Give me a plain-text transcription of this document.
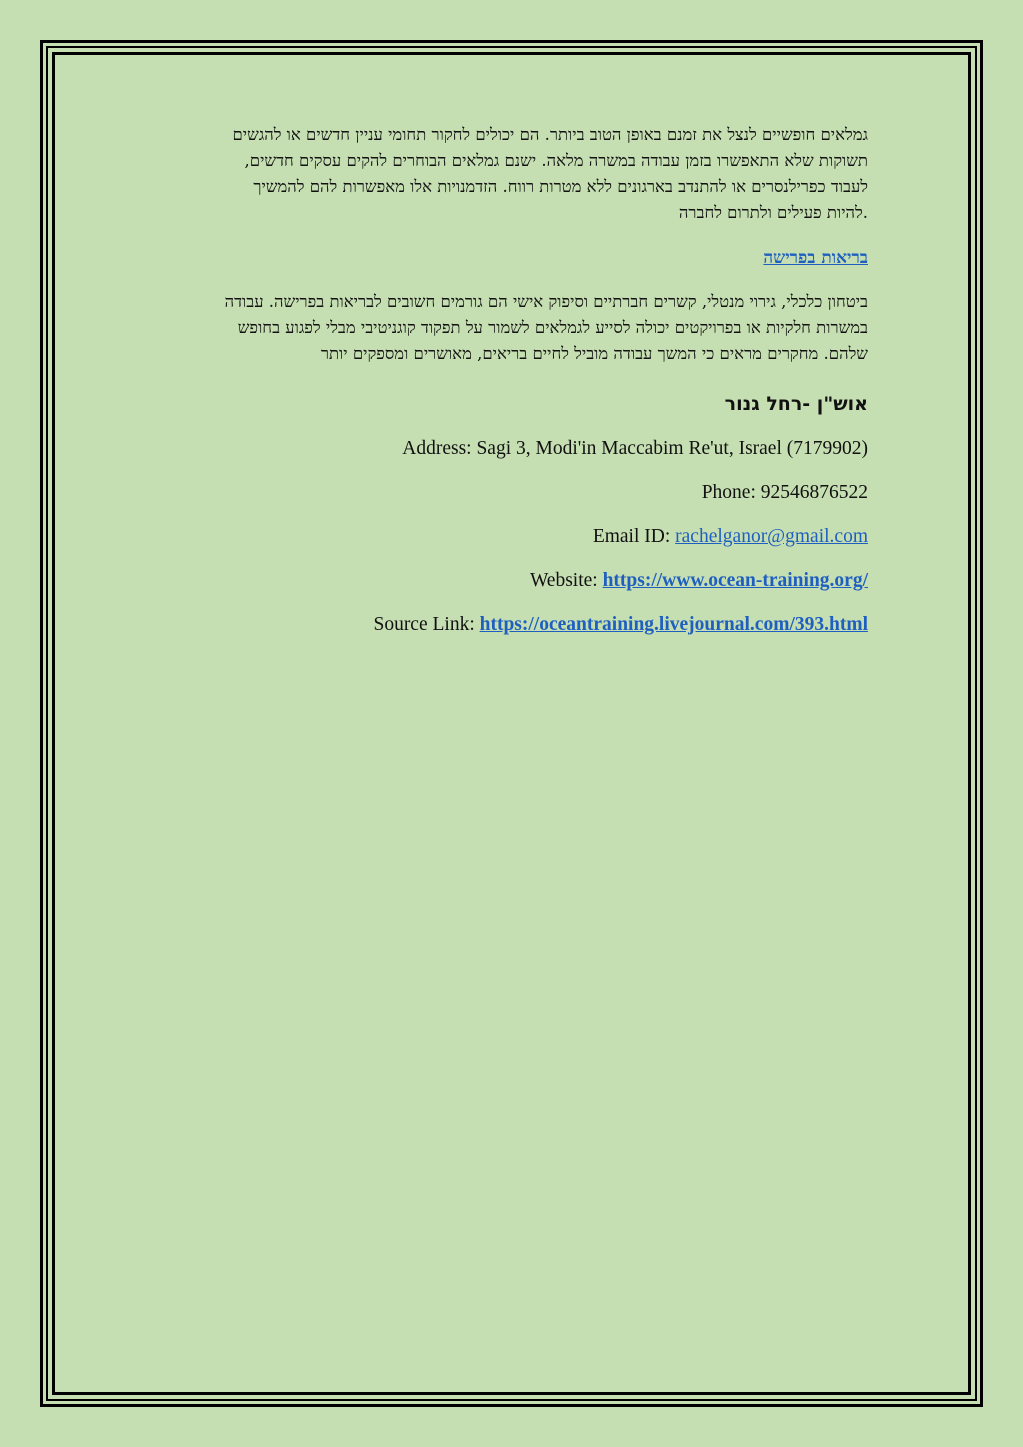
גמלאים חופשיים לנצל את זמנם באופן הטוב ביותר. הם יכולים לחקור תחומי עניין חדשים או להגשים
תשוקות שלא התאפשרו בזמן עבודה במשרה מלאה. ישנם גמלאים הבוחרים להקים עסקים חדשים,
לעבוד כפרילנסרים או להתנדב בארגונים ללא מטרות רווח. הזדמנויות אלו מאפשרות להם להמשיך
.להיות פעילים ולתרום לחברה

בריאות בפרישה

ביטחון כלכלי, גירוי מנטלי, קשרים חברתיים וסיפוק אישי הם גורמים חשובים לבריאות בפרישה. עבודה
במשרות חלקיות או בפרויקטים יכולה לסייע לגמלאים לשמור על תפקוד קוגניטיבי מבלי לפגוע בחופש
שלהם. מחקרים מראים כי המשך עבודה מוביל לחיים בריאים, מאושרים ומספקים יותר

אוש"ן -רחל גנור
Address: Sagi 3, Modi'in Maccabim Re'ut, Israel (7179902)
Phone: 92546876522
Email ID: rachelganor@gmail.com
Website: https://www.ocean-training.org/
Source Link: https://oceantraining.livejournal.com/393.html
